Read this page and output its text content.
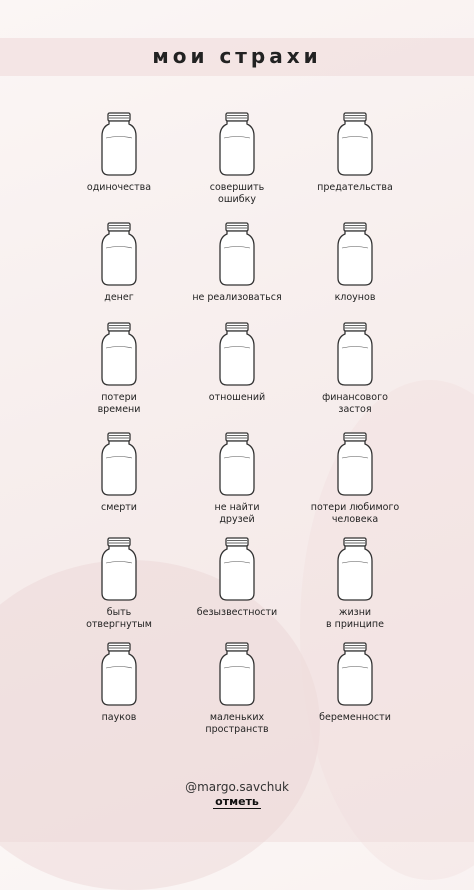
мои страхи
одиночества	совершить
ошибку
предательства
денег	не реализоваться	клоунов
потери
времени
отношений	финансового
застоя
смерти	не найти
друзей
потери любимого
человека
быть
отвергнутым
безызвестности	жизни
в принципе
пауков	маленьких
пространств
беременности
@margo.savchuk
отметь
